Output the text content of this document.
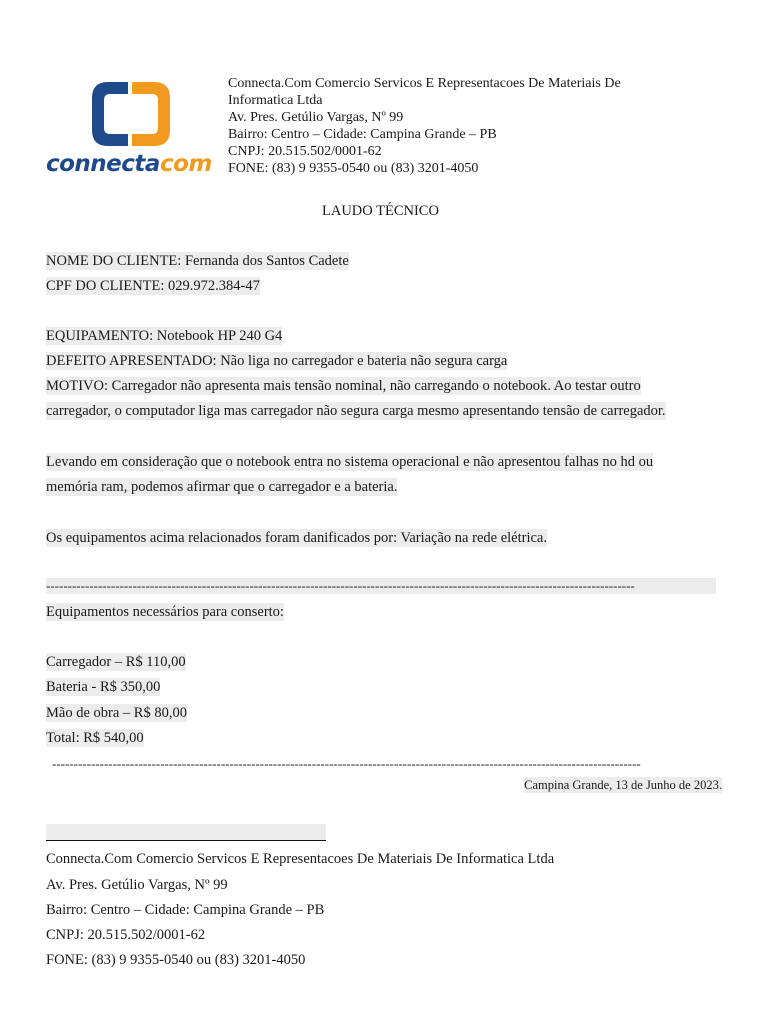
connectacom
Connecta.Com Comercio Servicos E Representacoes De Materiais De
Informatica Ltda
Av. Pres. Getúlio Vargas, Nº 99
Bairro: Centro – Cidade: Campina Grande – PB
CNPJ: 20.515.502/0001-62
FONE: (83) 9 9355-0540 ou (83) 3201-4050
LAUDO TÉCNICO
NOME DO CLIENTE: Fernanda dos Santos Cadete
CPF DO CLIENTE: 029.972.384-47
EQUIPAMENTO: Notebook HP 240 G4
DEFEITO APRESENTADO: Não liga no carregador e bateria não segura carga
MOTIVO: Carregador não apresenta mais tensão nominal, não carregando o notebook. Ao testar outro
carregador, o computador liga mas carregador não segura carga mesmo apresentando tensão de carregador.
Levando em consideração que o notebook entra no sistema operacional e não apresentou falhas no hd ou
memória ram, podemos afirmar que o carregador e a bateria.
Os equipamentos acima relacionados foram danificados por: Variação na rede elétrica.
----------------------------------------------------------------------------------------------------------------------------------------
Equipamentos necessários para conserto:
Carregador – R$ 110,00
Bateria - R$ 350,00
Mão de obra – R$ 80,00
Total: R$ 540,00
----------------------------------------------------------------------------------------------------------------------------------------
Campina Grande, 13 de Junho de 2023.
Connecta.Com Comercio Servicos E Representacoes De Materiais De Informatica Ltda
Av. Pres. Getúlio Vargas, Nº 99
Bairro: Centro – Cidade: Campina Grande – PB
CNPJ: 20.515.502/0001-62
FONE: (83) 9 9355-0540 ou (83) 3201-4050
